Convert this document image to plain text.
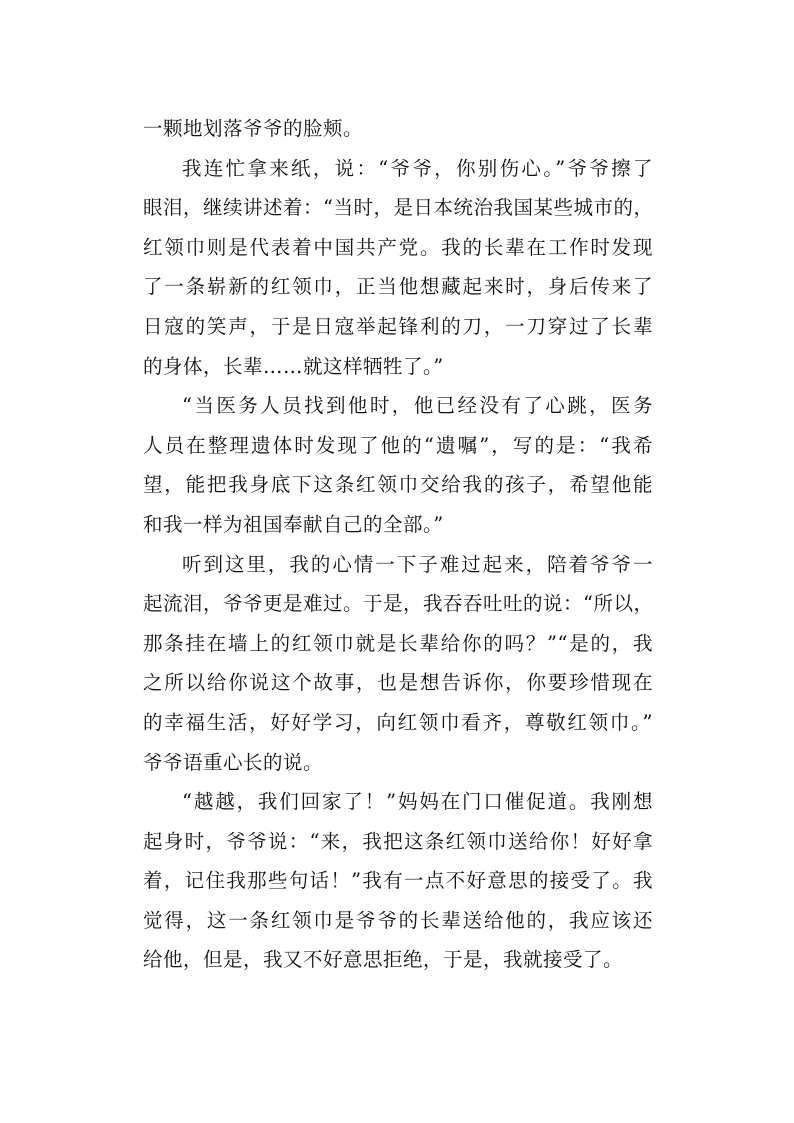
一颗地划落爷爷的脸颊。
我连忙拿来纸，说：“爷爷，你别伤心。”爷爷擦了
眼泪，继续讲述着：“当时，是日本统治我国某些城市的，
红领巾则是代表着中国共产党。我的长辈在工作时发现
了一条崭新的红领巾，正当他想藏起来时，身后传来了
日寇的笑声，于是日寇举起锋利的刀，一刀穿过了长辈
的身体，长辈……就这样牺牲了。”
“当医务人员找到他时，他已经没有了心跳，医务
人员在整理遗体时发现了他的“遗嘱”，写的是：“我希
望，能把我身底下这条红领巾交给我的孩子，希望他能
和我一样为祖国奉献自己的全部。”
听到这里，我的心情一下子难过起来，陪着爷爷一
起流泪，爷爷更是难过。于是，我吞吞吐吐的说：“所以，
那条挂在墙上的红领巾就是长辈给你的吗？”“是的，我
之所以给你说这个故事，也是想告诉你，你要珍惜现在
的幸福生活，好好学习，向红领巾看齐，尊敬红领巾。”
爷爷语重心长的说。
“越越，我们回家了！”妈妈在门口催促道。我刚想
起身时，爷爷说：“来，我把这条红领巾送给你！好好拿
着，记住我那些句话！”我有一点不好意思的接受了。我
觉得，这一条红领巾是爷爷的长辈送给他的，我应该还
给他，但是，我又不好意思拒绝，于是，我就接受了。
